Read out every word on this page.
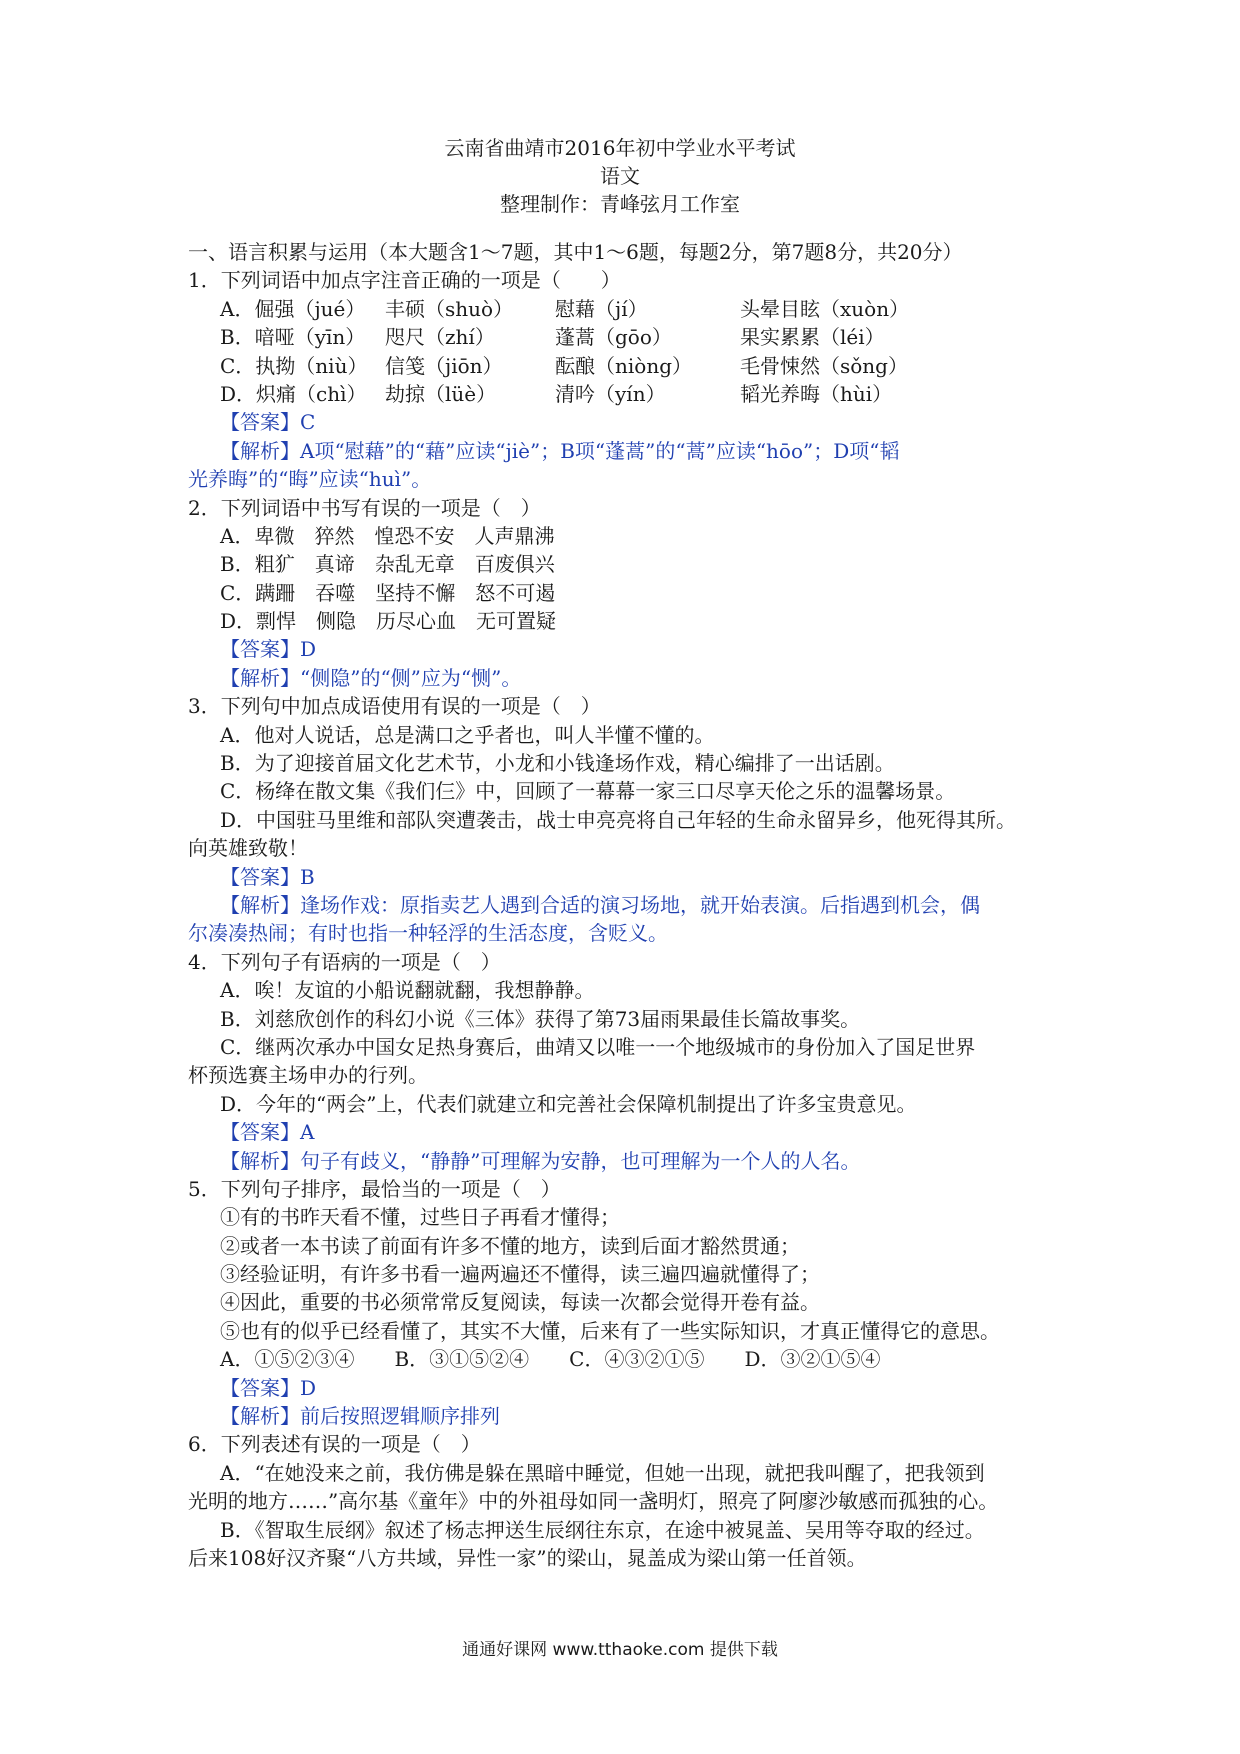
云南省曲靖市2016年初中学业水平考试
语文
整理制作：青峰弦月工作室
一、语言积累与运用（本大题含1～7题，其中1～6题，每题2分，第7题8分，共20分）
1．下列词语中加点字注音正确的一项是（　　）
A．倔强（jué） 丰硕（shuò） 慰藉（jí）	头晕目眩（xuòn）
B．喑哑（yīn） 咫尺（zhí）	蓬蒿（gōo）	果实累累（léi）
C．执拗（niù） 信笺（jiōn）	酝酿（niòng） 毛骨悚然（sǒng）
D．炽痛（chì） 劫掠（lüè）	清吟（yín）	韬光养晦（hùi）
【答案】C
【解析】A项“慰藉”的“藉”应读“jiè”；B项“蓬蒿”的“蒿”应读“hōo”；D项“韬
光养晦”的“晦”应读“huì”。
2．下列词语中书写有误的一项是（　）
A．卑微　猝然　惶恐不安　人声鼎沸
B．粗犷　真谛　杂乱无章　百废俱兴
C．蹒跚　吞噬　坚持不懈　怒不可遏
D．剽悍　侧隐　历尽心血　无可置疑
【答案】D
【解析】“侧隐”的“侧”应为“恻”。
3．下列句中加点成语使用有误的一项是（　）
A．他对人说话，总是满口之乎者也，叫人半懂不懂的。
B．为了迎接首届文化艺术节，小龙和小钱逢场作戏，精心编排了一出话剧。
C．杨绛在散文集《我们仨》中，回顾了一幕幕一家三口尽享天伦之乐的温馨场景。
D．中国驻马里维和部队突遭袭击，战士申亮亮将自己年轻的生命永留异乡，他死得其所。
向英雄致敬！
【答案】B
【解析】逢场作戏：原指卖艺人遇到合适的演习场地，就开始表演。后指遇到机会，偶
尔凑凑热闹；有时也指一种轻浮的生活态度，含贬义。
4．下列句子有语病的一项是（　）
A．唉！友谊的小船说翻就翻，我想静静。
B．刘慈欣创作的科幻小说《三体》获得了第73届雨果最佳长篇故事奖。
C．继两次承办中国女足热身赛后，曲靖又以唯一一个地级城市的身份加入了国足世界
杯预选赛主场申办的行列。
D．今年的“两会”上，代表们就建立和完善社会保障机制提出了许多宝贵意见。
【答案】A
【解析】句子有歧义，“静静”可理解为安静，也可理解为一个人的人名。
5．下列句子排序，最恰当的一项是（　）
①有的书昨天看不懂，过些日子再看才懂得；
②或者一本书读了前面有许多不懂的地方，读到后面才豁然贯通；
③经验证明，有许多书看一遍两遍还不懂得，读三遍四遍就懂得了；
④因此，重要的书必须常常反复阅读，每读一次都会觉得开卷有益。
⑤也有的似乎已经看懂了，其实不大懂，后来有了一些实际知识，才真正懂得它的意思。
A．①⑤②③④　　B．③①⑤②④　　C．④③②①⑤　　D．③②①⑤④
【答案】D
【解析】前后按照逻辑顺序排列
6．下列表述有误的一项是（　）
A．“在她没来之前，我仿佛是躲在黑暗中睡觉，但她一出现，就把我叫醒了，把我领到
光明的地方……”高尔基《童年》中的外祖母如同一盏明灯，照亮了阿廖沙敏感而孤独的心。
B．《智取生辰纲》叙述了杨志押送生辰纲往东京，在途中被晁盖、吴用等夺取的经过。
后来108好汉齐聚“八方共域，异性一家”的梁山，晁盖成为梁山第一任首领。
通通好课网 www.tthaoke.com 提供下载
